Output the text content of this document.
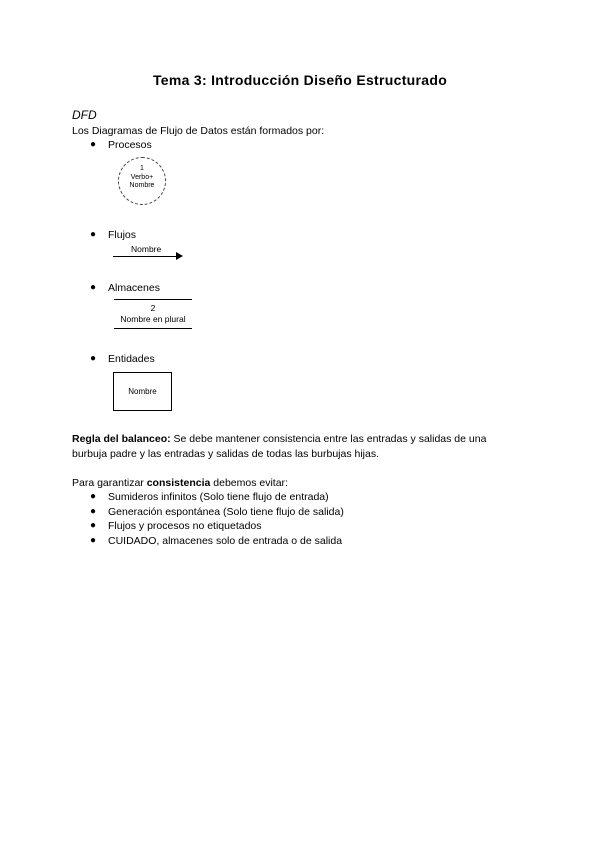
Tema 3: Introducción Diseño Estructurado
DFD
Los Diagramas de Flujo de Datos están formados por:
● Procesos
1
Verbo+
Nombre
● Flujos
Nombre
● Almacenes
2
Nombre en plural
● Entidades
Nombre
Regla del balanceo: Se debe mantener consistencia entre las entradas y salidas de una
burbuja padre y las entradas y salidas de todas las burbujas hijas.
Para garantizar consistencia debemos evitar:
● Sumideros infinitos (Solo tiene flujo de entrada)
● Generación espontánea (Solo tiene flujo de salida)
● Flujos y procesos no etiquetados
● CUIDADO, almacenes solo de entrada o de salida
